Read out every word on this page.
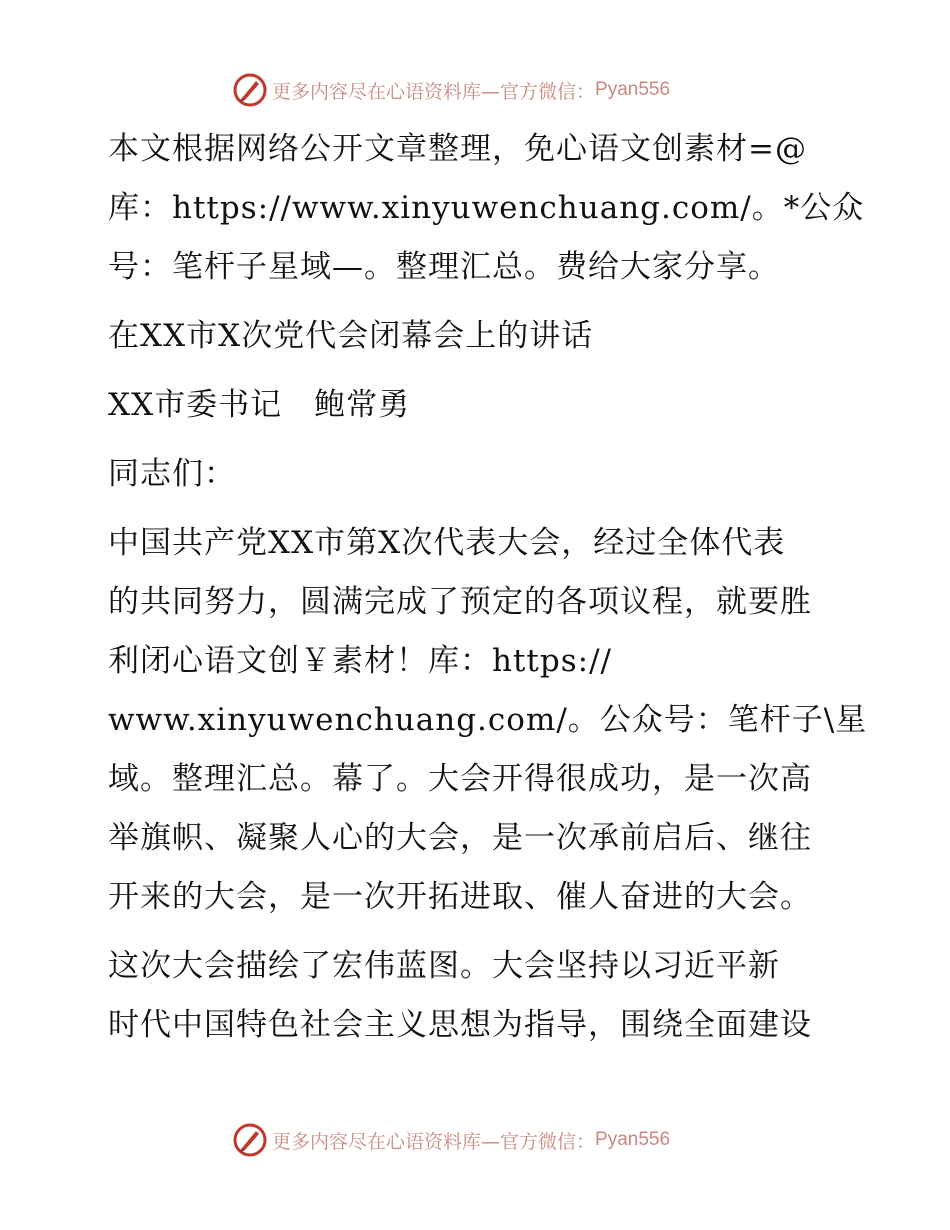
更多内容尽在心语资料库—官方微信： Pyan556
本文根据网络公开文章整理，免心语文创素材=@
库：https://www.xinyuwenchuang.com/。*公众
号：笔杆子星域—。整理汇总。费给大家分享。
在XX市X次党代会闭幕会上的讲话
XX市委书记　鲍常勇
同志们：
中国共产党XX市第X次代表大会，经过全体代表
的共同努力，圆满完成了预定的各项议程，就要胜
利闭心语文创￥素材！库：https://
www.xinyuwenchuang.com/。公众号：笔杆子\星
域。整理汇总。幕了。大会开得很成功，是一次高
举旗帜、凝聚人心的大会，是一次承前启后、继往
开来的大会，是一次开拓进取、催人奋进的大会。
这次大会描绘了宏伟蓝图。大会坚持以习近平新
时代中国特色社会主义思想为指导，围绕全面建设
更多内容尽在心语资料库—官方微信： Pyan556
